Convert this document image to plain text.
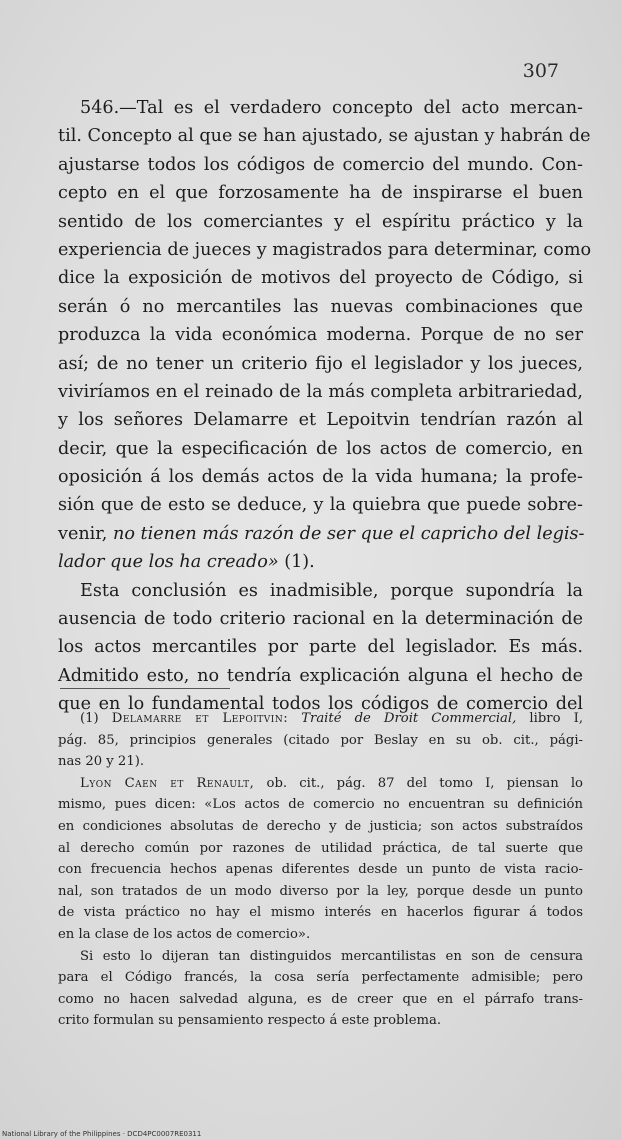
307
546.—Tal es el verdadero concepto del acto mercan-
til. Concepto al que se han ajustado, se ajustan y habrán de
ajustarse todos los códigos de comercio del mundo. Con-
cepto en el que forzosamente ha de inspirarse el buen
sentido de los comerciantes y el espíritu práctico y la
experiencia de jueces y magistrados para determinar, como
dice la exposición de motivos del proyecto de Código, si
serán ó no mercantiles las nuevas combinaciones que
produzca la vida económica moderna. Porque de no ser
así; de no tener un criterio fijo el legislador y los jueces,
viviríamos en el reinado de la más completa arbitrariedad,
y los señores Delamarre et Lepoitvin tendrían razón al
decir, que la especificación de los actos de comercio, en
oposición á los demás actos de la vida humana; la profe-
sión que de esto se deduce, y la quiebra que puede sobre-
venir, no tienen más razón de ser que el capricho del legis-
lador que los ha creado» (1).
Esta conclusión es inadmisible, porque supondría la
ausencia de todo criterio racional en la determinación de
los actos mercantiles por parte del legislador. Es más.
Admitido esto, no tendría explicación alguna el hecho de
que en lo fundamental todos los códigos de comercio del
(1) Delamarre et Lepoitvin: Traité de Droit Commercial, libro I,
pág. 85, principios generales (citado por Beslay en su ob. cit., pági-
nas 20 y 21).
Lyon Caen et Renault, ob. cit., pág. 87 del tomo I, piensan lo
mismo, pues dicen: «Los actos de comercio no encuentran su definición
en condiciones absolutas de derecho y de justicia; son actos substraídos
al derecho común por razones de utilidad práctica, de tal suerte que
con frecuencia hechos apenas diferentes desde un punto de vista racio-
nal, son tratados de un modo diverso por la ley, porque desde un punto
de vista práctico no hay el mismo interés en hacerlos figurar á todos
en la clase de los actos de comercio».
Si esto lo dijeran tan distinguidos mercantilistas en son de censura
para el Código francés, la cosa sería perfectamente admisible; pero
como no hacen salvedad alguna, es de creer que en el párrafo trans-
crito formulan su pensamiento respecto á este problema.
National Library of the Philippines · DCD4PC0007RE0311
